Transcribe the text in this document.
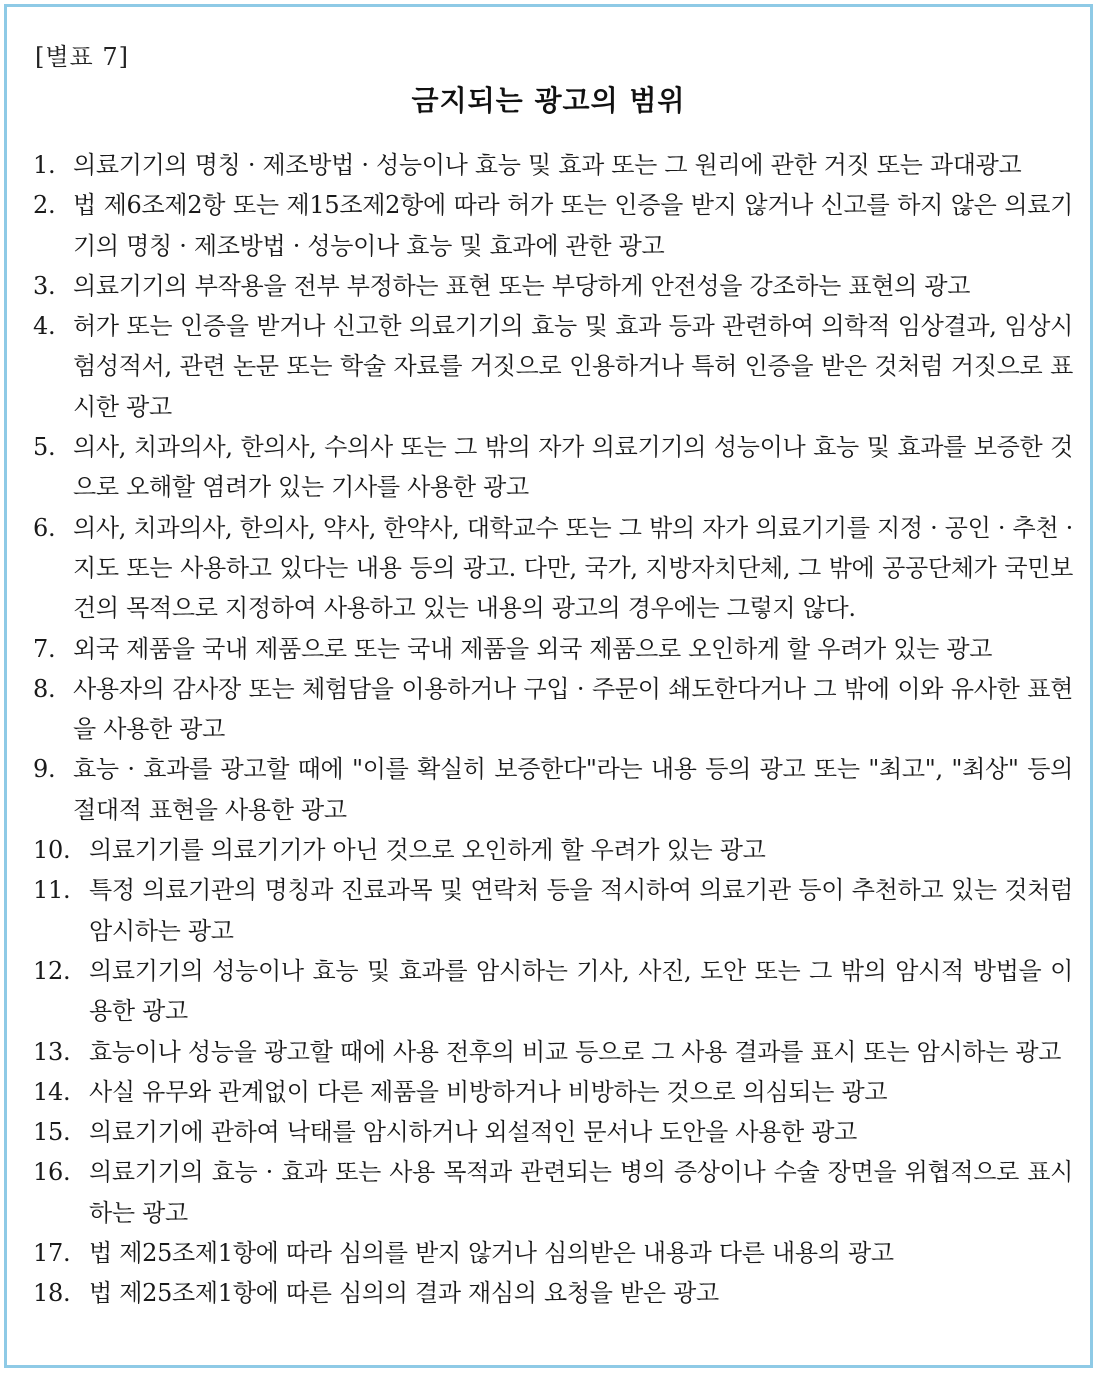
[별표 7]
금지되는 광고의 범위
1. 의료기기의 명칭 · 제조방법 · 성능이나 효능 및 효과 또는 그 원리에 관한 거짓 또는 과대광고
2. 법 제6조제2항 또는 제15조제2항에 따라 허가 또는 인증을 받지 않거나 신고를 하지 않은 의료기기의 명칭 · 제조방법 · 성능이나 효능 및 효과에 관한 광고
3. 의료기기의 부작용을 전부 부정하는 표현 또는 부당하게 안전성을 강조하는 표현의 광고
4. 허가 또는 인증을 받거나 신고한 의료기기의 효능 및 효과 등과 관련하여 의학적 임상결과, 임상시험성적서, 관련 논문 또는 학술 자료를 거짓으로 인용하거나 특허 인증을 받은 것처럼 거짓으로 표시한 광고
5. 의사, 치과의사, 한의사, 수의사 또는 그 밖의 자가 의료기기의 성능이나 효능 및 효과를 보증한 것으로 오해할 염려가 있는 기사를 사용한 광고
6. 의사, 치과의사, 한의사, 약사, 한약사, 대학교수 또는 그 밖의 자가 의료기기를 지정 · 공인 · 추천 · 지도 또는 사용하고 있다는 내용 등의 광고. 다만, 국가, 지방자치단체, 그 밖에 공공단체가 국민보건의 목적으로 지정하여 사용하고 있는 내용의 광고의 경우에는 그렇지 않다.
7. 외국 제품을 국내 제품으로 또는 국내 제품을 외국 제품으로 오인하게 할 우려가 있는 광고
8. 사용자의 감사장 또는 체험담을 이용하거나 구입 · 주문이 쇄도한다거나 그 밖에 이와 유사한 표현을 사용한 광고
9. 효능 · 효과를 광고할 때에 "이를 확실히 보증한다"라는 내용 등의 광고 또는 "최고", "최상" 등의 절대적 표현을 사용한 광고
10. 의료기기를 의료기기가 아닌 것으로 오인하게 할 우려가 있는 광고
11. 특정 의료기관의 명칭과 진료과목 및 연락처 등을 적시하여 의료기관 등이 추천하고 있는 것처럼 암시하는 광고
12. 의료기기의 성능이나 효능 및 효과를 암시하는 기사, 사진, 도안 또는 그 밖의 암시적 방법을 이용한 광고
13. 효능이나 성능을 광고할 때에 사용 전후의 비교 등으로 그 사용 결과를 표시 또는 암시하는 광고
14. 사실 유무와 관계없이 다른 제품을 비방하거나 비방하는 것으로 의심되는 광고
15. 의료기기에 관하여 낙태를 암시하거나 외설적인 문서나 도안을 사용한 광고
16. 의료기기의 효능 · 효과 또는 사용 목적과 관련되는 병의 증상이나 수술 장면을 위협적으로 표시하는 광고
17. 법 제25조제1항에 따라 심의를 받지 않거나 심의받은 내용과 다른 내용의 광고
18. 법 제25조제1항에 따른 심의의 결과 재심의 요청을 받은 광고
